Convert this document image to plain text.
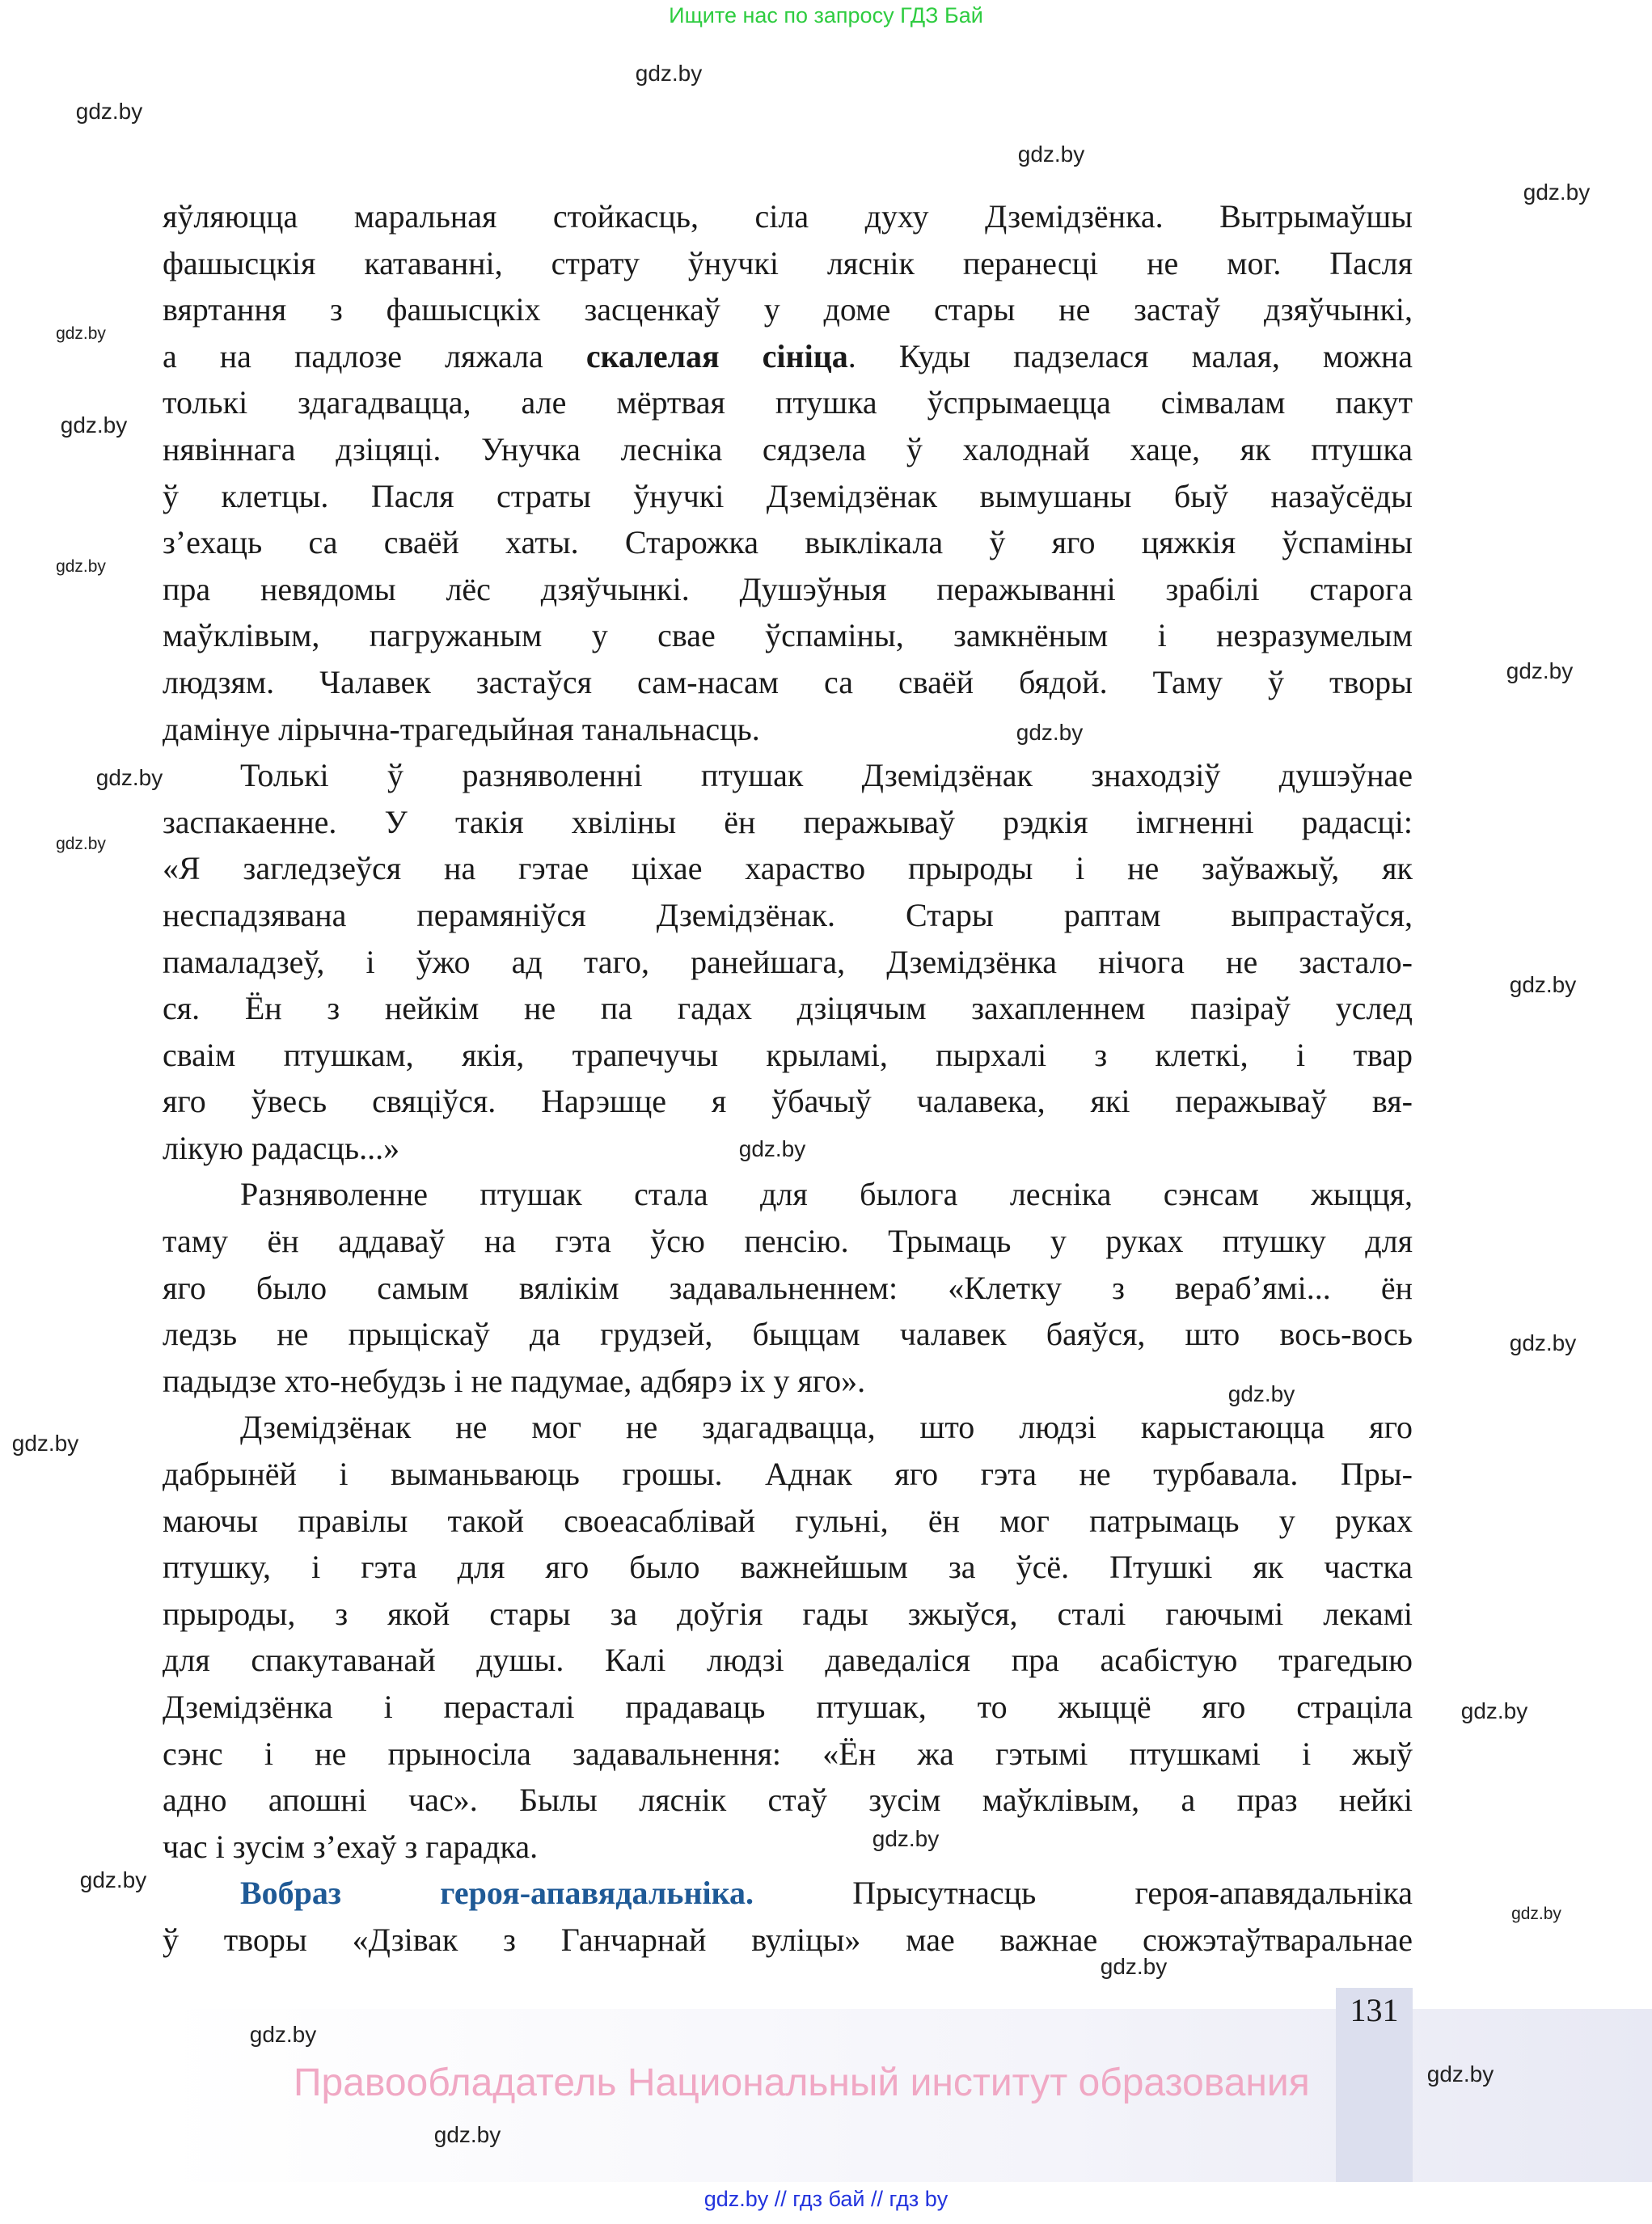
Ищите нас по запросу ГДЗ Бай
131
Правообладатель Национальный институт образования
gdz.by // гдз бай // гдз by
яўляюцца маральная стойкасць, сіла духу Дземідзёнка. Вытрымаўшы
фашысцкія катаванні, страту ўнучкі ляснік перанесці не мог. Пасля
вяртання з фашысцкіх засценкаў у доме стары не застаў дзяўчынкі,
а на падлозе ляжала скалелая сініца. Куды падзелася малая, можна
толькі здагадвацца, але мёртвая птушка ўспрымаецца сімвалам пакут
нявіннага дзіцяці. Унучка лесніка сядзела ў халоднай хаце, як птушка
ў клетцы. Пасля страты ўнучкі Дземідзёнак вымушаны быў назаўсёды
з’ехаць са сваёй хаты. Старожка выклікала ў яго цяжкія ўспаміны
пра невядомы лёс дзяўчынкі. Душэўныя перажыванні зрабілі старога
маўклівым, пагружаным у свае ўспаміны, замкнёным і незразумелым
людзям. Чалавек застаўся сам-насам са сваёй бядой. Таму ў творы
дамінуе лірычна-трагедыйная танальнасць.
Толькі ў разняволенні птушак Дземідзёнак знаходзіў душэўнае
заспакаенне. У такія хвіліны ён перажываў рэдкія імгненні радасці:
«Я загледзеўся на гэтае ціхае хараство прыроды і не заўважыў, як
неспадзявана перамяніўся Дземідзёнак. Стары раптам выпрастаўся,
памаладзеў, і ўжо ад таго, ранейшага, Дземідзёнка нічога не засталo-
ся. Ён з нейкім не па гадах дзіцячым захапленнем пазіраў услед
сваім птушкам, якія, трапечучы крыламі, пырхалі з клеткі, і твар
яго ўвесь свяціўся. Нарэшце я ўбачыў чалавека, які перажываў вя-
лікую радасць...»
Разняволенне птушак стала для былога лесніка сэнсам жыцця,
таму ён аддаваў на гэта ўсю пенсію. Трымаць у руках птушку для
яго было самым вялікім задавальненнем: «Клетку з вераб’ямі... ён
ледзь не прыціскаў да грудзей, быццам чалавек баяўся, што вось-вось
падыдзе хто-небудзь і не падумае, адбярэ іх у яго».
Дземідзёнак не мог не здагадвацца, што людзі карыстаюцца яго
дабрынёй і выманьваюць грошы. Аднак яго гэта не турбавала. Пры-
маючы правілы такой своеасаблівай гульні, ён мог патрымаць у руках
птушку, і гэта для яго было важнейшым за ўсё. Птушкі як частка
прыроды, з якой стары за доўгія гады зжыўся, сталі гаючымі лекамі
для спакутаванай душы. Калі людзі даведаліся пра асабістую трагедыю
Дземідзёнка і перасталі прадаваць птушак, то жыццё яго страціла
сэнс і не прыносіла задавальнення: «Ён жа гэтымі птушкамі і жыў
адно апошні час». Былы ляснік стаў зусім маўклівым, а праз нейкі
час і зусім з’ехаў з гарадка.
Вобраз героя-апавядальніка. Прысутнасць героя-апавядальніка
ў творы «Дзівак з Ганчарнай вуліцы» мае важнае сюжэтаўтваральнае
gdz.by
gdz.by
gdz.by
gdz.by
gdz.by
gdz.by
gdz.by
gdz.by
gdz.by
gdz.by
gdz.by
gdz.by
gdz.by
gdz.by
gdz.by
gdz.by
gdz.by
gdz.by
gdz.by
gdz.by
gdz.by
gdz.by
gdz.by
gdz.by
